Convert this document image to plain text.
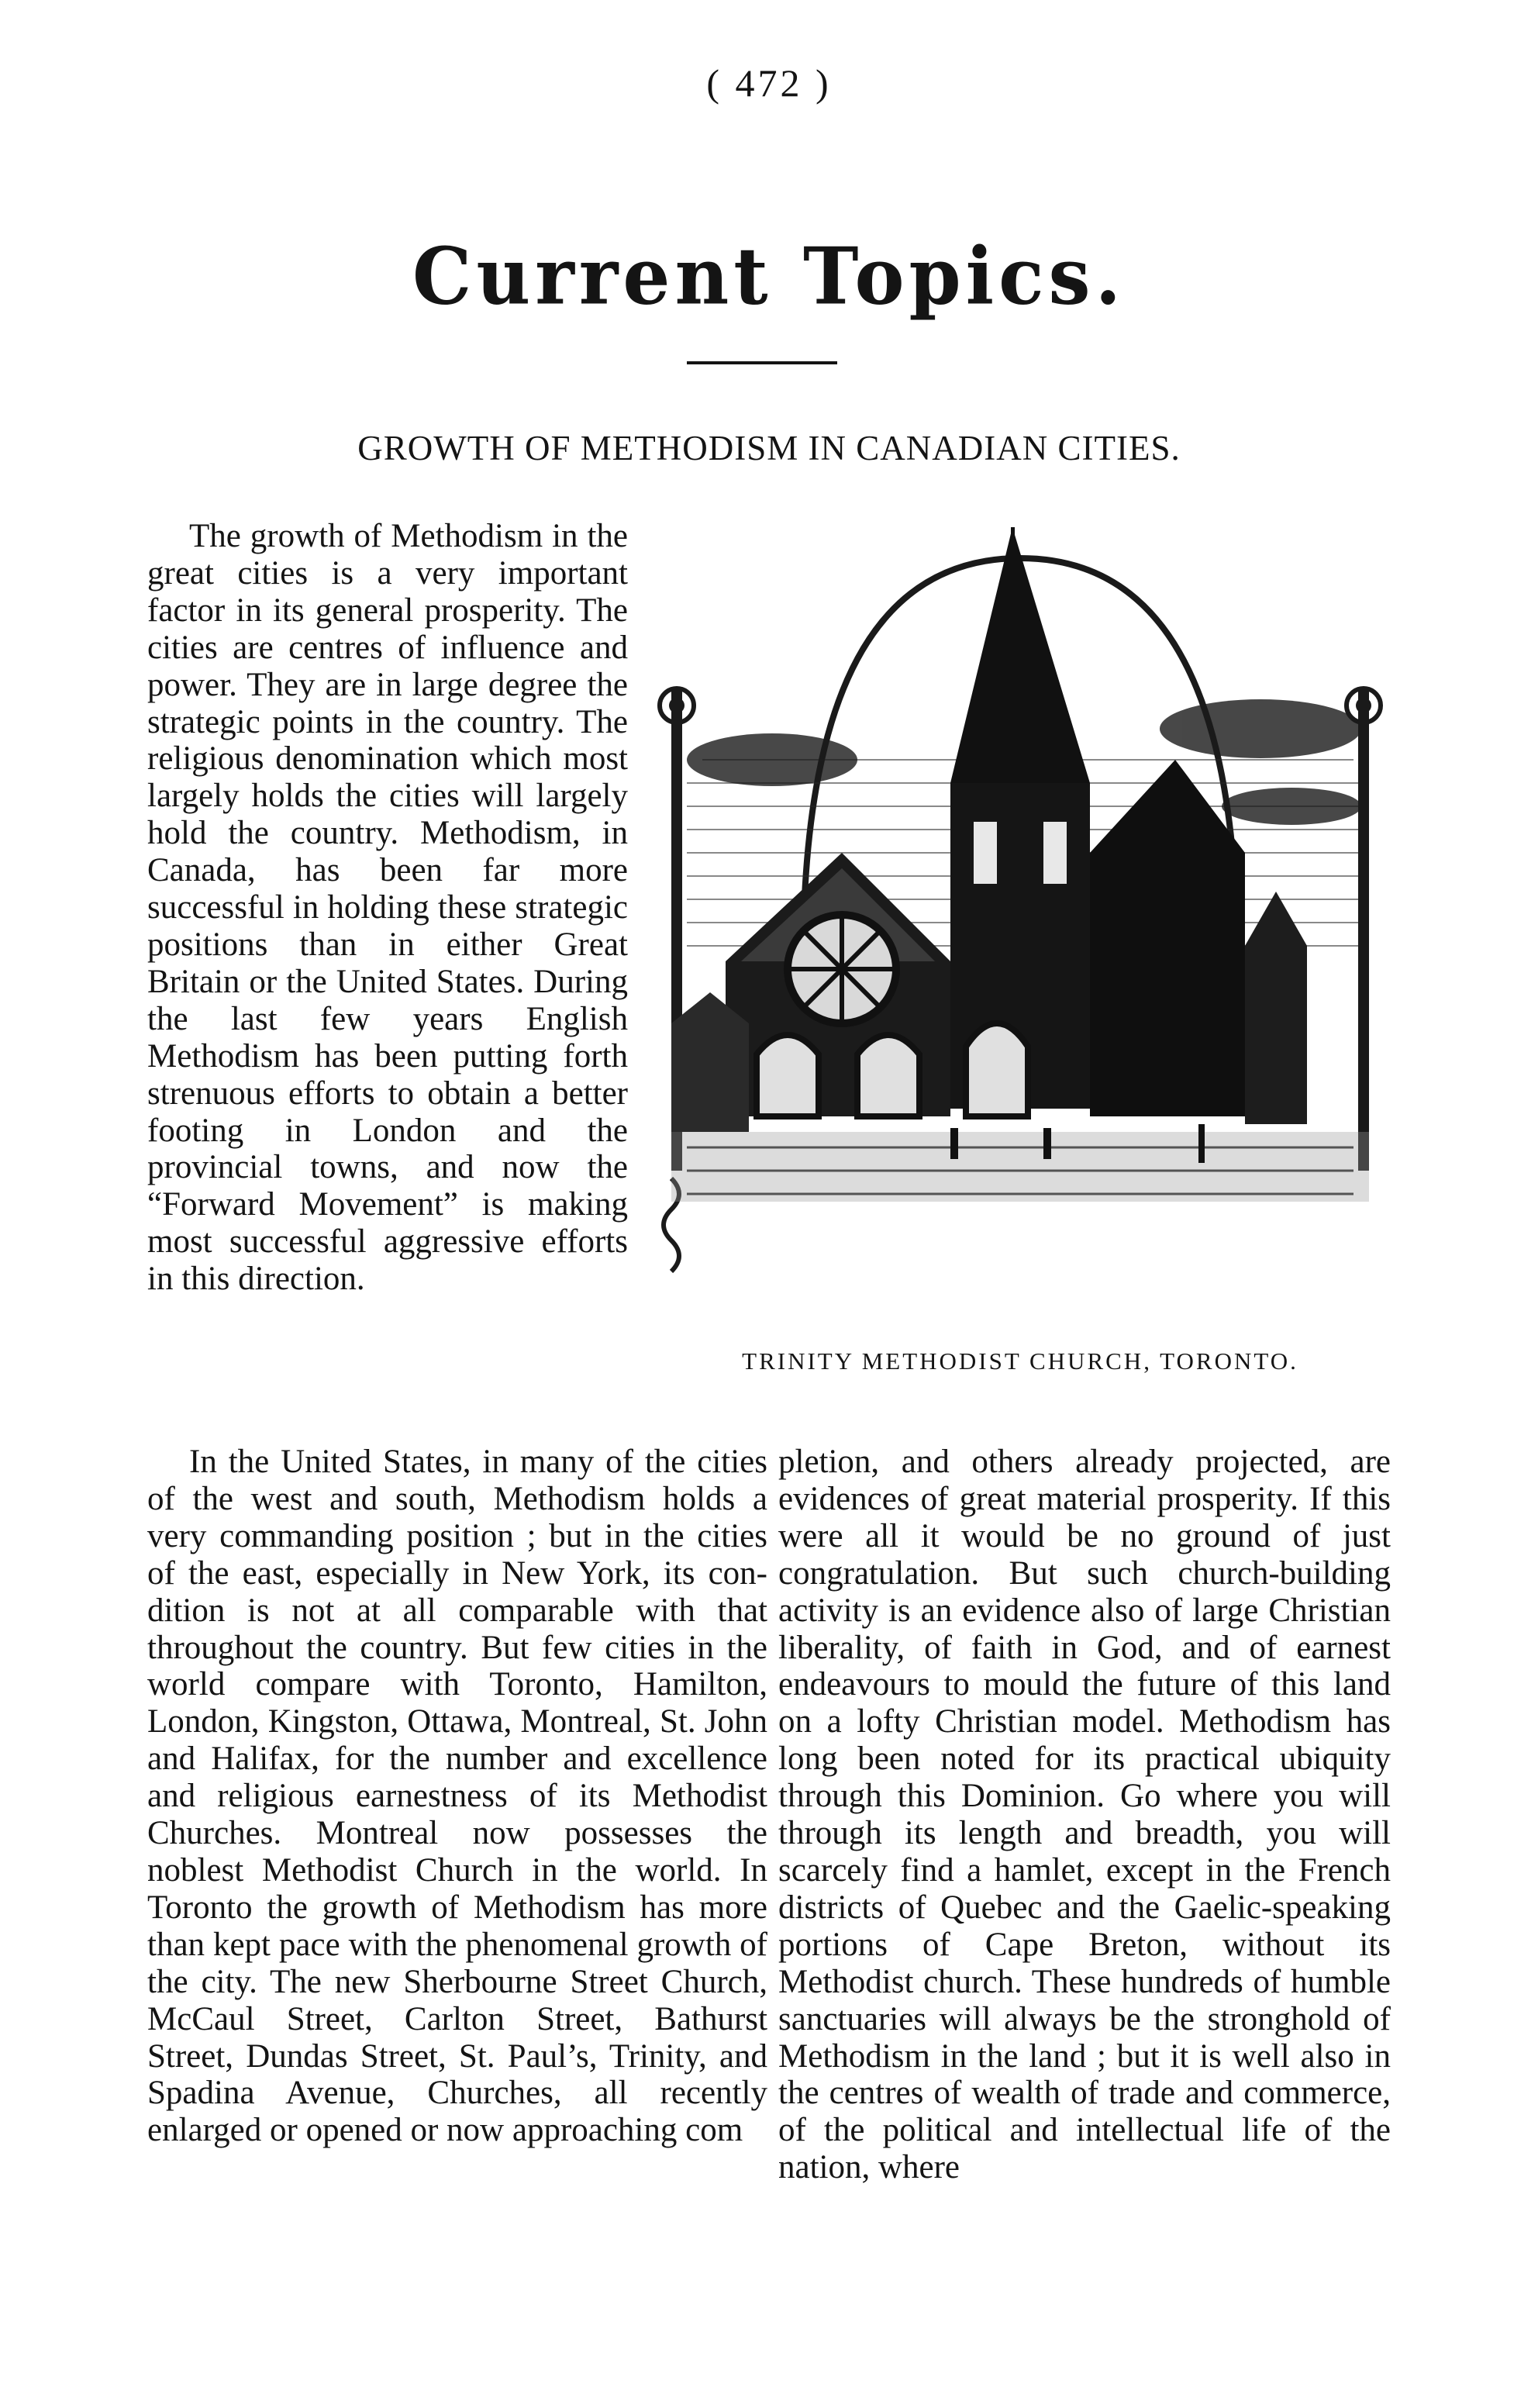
( 472 )
Current Topics.
GROWTH OF METHODISM IN CANADIAN CITIES.

The growth of Methodism in the great cities is a very important factor in its general prosperity. The cities are centres of influence and power. They are in large degree the strategic points in the country. The religious denomination which most largely holds the cities will largely hold the country. Methodism, in Canada, has been far more successful in holding these strategic positions than in either Great Britain or the United States. During the last few years English Methodism has been putting forth strenuous efforts to obtain a better footing in London and the provincial towns, and now the “Forward Movement” is making most successful aggressive efforts in this direction.

TRINITY METHODIST CHURCH, TORONTO.

In the United States, in many of the cities of the west and south, Methodism holds a very commanding position ; but in the cities of the east, especially in New York, its condition is not at all comparable with that throughout the country. But few cities in the world compare with Toronto, Hamilton, London, Kingston, Ottawa, Montreal, St. John and Halifax, for the number and excellence and religious earnestness of its Methodist Churches. Montreal now possesses the noblest Methodist Church in the world. In Toronto the growth of Methodism has more than kept pace with the phenomenal growth of the city. The new Sherbourne Street Church, McCaul Street, Carlton Street, Bathurst Street, Dundas Street, St. Paul’s, Trinity, and Spadina Avenue, Churches, all recently enlarged or opened or now approaching com

pletion, and others already projected, are evidences of great material prosperity. If this were all it would be no ground of just congratulation. But such church-building activity is an evidence also of large Christian liberality, of faith in God, and of earnest endeavours to mould the future of this land on a lofty Christian model. Methodism has long been noted for its practical ubiquity through this Dominion. Go where you will through its length and breadth, you will scarcely find a hamlet, except in the French districts of Quebec and the Gaelic-speaking portions of Cape Breton, without its Methodist church. These hundreds of humble sanctuaries will always be the stronghold of Methodism in the land ; but it is well also in the centres of wealth of trade and commerce, of the political and intellectual life of the nation, where
